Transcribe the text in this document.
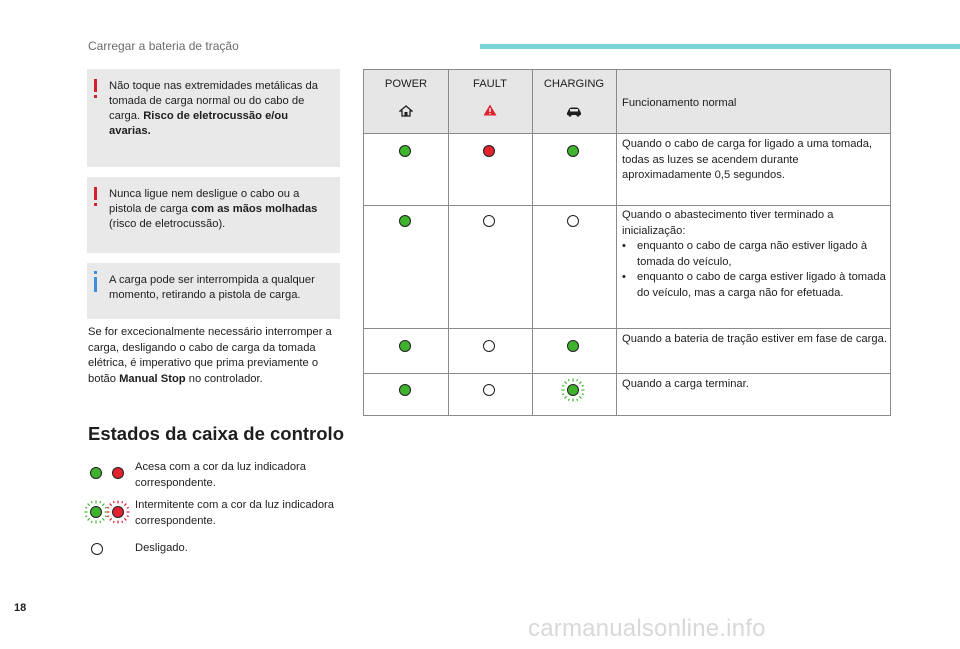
Carregar a bateria de tração
Não toque nas extremidades metálicas da tomada de carga normal ou do cabo de carga. Risco de eletrocussão e/ou avarias.
Nunca ligue nem desligue o cabo ou a pistola de carga com as mãos molhadas (risco de eletrocussão).
A carga pode ser interrompida a qualquer momento, retirando a pistola de carga.
Se for excecionalmente necessário interromper a carga, desligando o cabo de carga da tomada elétrica, é imperativo que prima previamente o botão Manual Stop no controlador.
Estados da caixa de controlo
Acesa com a cor da luz indicadora correspondente.
Intermitente com a cor da luz indicadora correspondente.
Desligado.
POWER	FAULT	CHARGING
Funcionamento normal
Quando o cabo de carga for ligado a uma tomada, todas as luzes se acendem durante aproximadamente 0,5 segundos.
Quando o abastecimento tiver terminado a inicialização:
• enquanto o cabo de carga não estiver ligado à tomada do veículo,
• enquanto o cabo de carga estiver ligado à tomada do veículo, mas a carga não for efetuada.
Quando a bateria de tração estiver em fase de carga.
Quando a carga terminar.
18
carmanualsonline.info
